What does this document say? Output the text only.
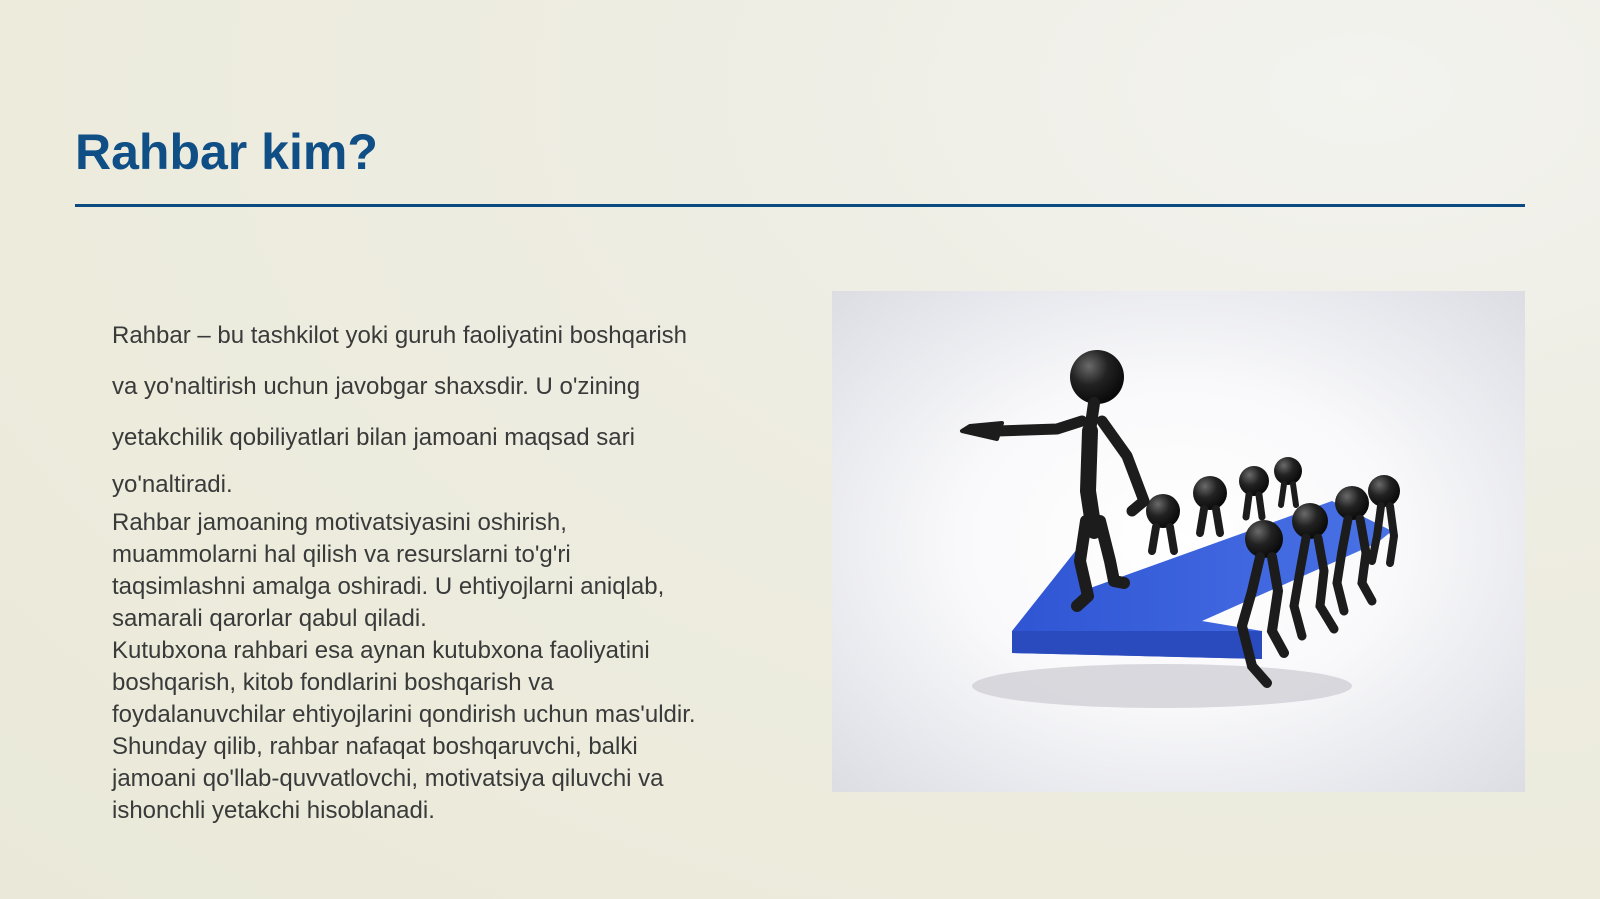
Rahbar kim?
Rahbar – bu tashkilot yoki guruh faoliyatini boshqarish
va yo'naltirish uchun javobgar shaxsdir. U o'zining
yetakchilik qobiliyatlari bilan jamoani maqsad sari
yo'naltiradi.
Rahbar jamoaning motivatsiyasini oshirish,
muammolarni hal qilish va resurslarni to'g'ri
taqsimlashni amalga oshiradi. U ehtiyojlarni aniqlab,
samarali qarorlar qabul qiladi.
Kutubxona rahbari esa aynan kutubxona faoliyatini
boshqarish, kitob fondlarini boshqarish va
foydalanuvchilar ehtiyojlarini qondirish uchun mas'uldir.
Shunday qilib, rahbar nafaqat boshqaruvchi, balki
jamoani qo'llab-quvvatlovchi, motivatsiya qiluvchi va
ishonchli yetakchi hisoblanadi.
